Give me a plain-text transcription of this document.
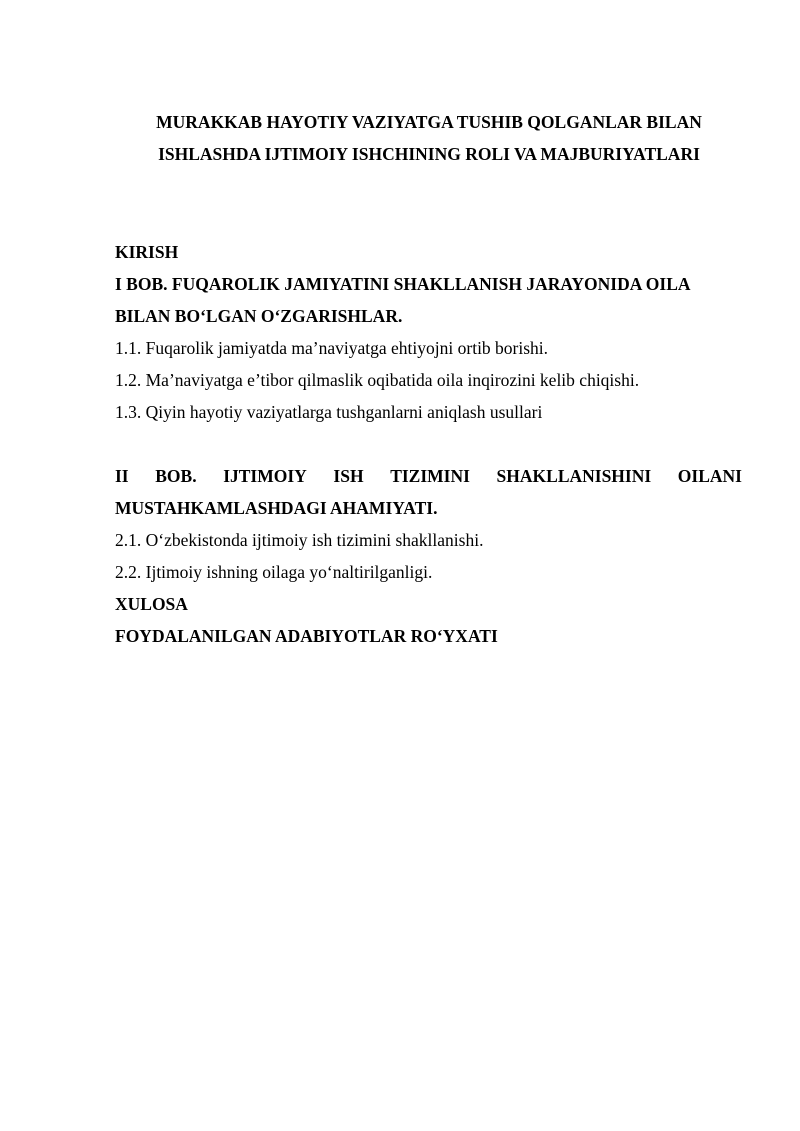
MURAKKAB HAYOTIY VAZIYATGA TUSHIB QOLGANLAR BILAN
ISHLASHDA IJTIMOIY ISHCHINING ROLI VA MAJBURIYATLARI
KIRISH
I BOB. FUQAROLIK JAMIYATINI SHAKLLANISH JARAYONIDA OILA
BILAN BO‘LGAN O‘ZGARISHLAR.
1.1. Fuqarolik jamiyatda ma’naviyatga ehtiyojni ortib borishi.
1.2. Ma’naviyatga e’tibor qilmaslik oqibatida oila inqirozini kelib chiqishi.
1.3. Qiyin hayotiy vaziyatlarga tushganlarni aniqlash usullari
II BOB. IJTIMOIY ISH TIZIMINI SHAKLLANISHINI OILANI
MUSTAHKAMLASHDAGI AHAMIYATI.
2.1. O‘zbekistonda ijtimoiy ish tizimini shakllanishi.
2.2. Ijtimoiy ishning oilaga yo‘naltirilganligi.
XULOSA
FOYDALANILGAN ADABIYOTLAR RO‘YXATI
